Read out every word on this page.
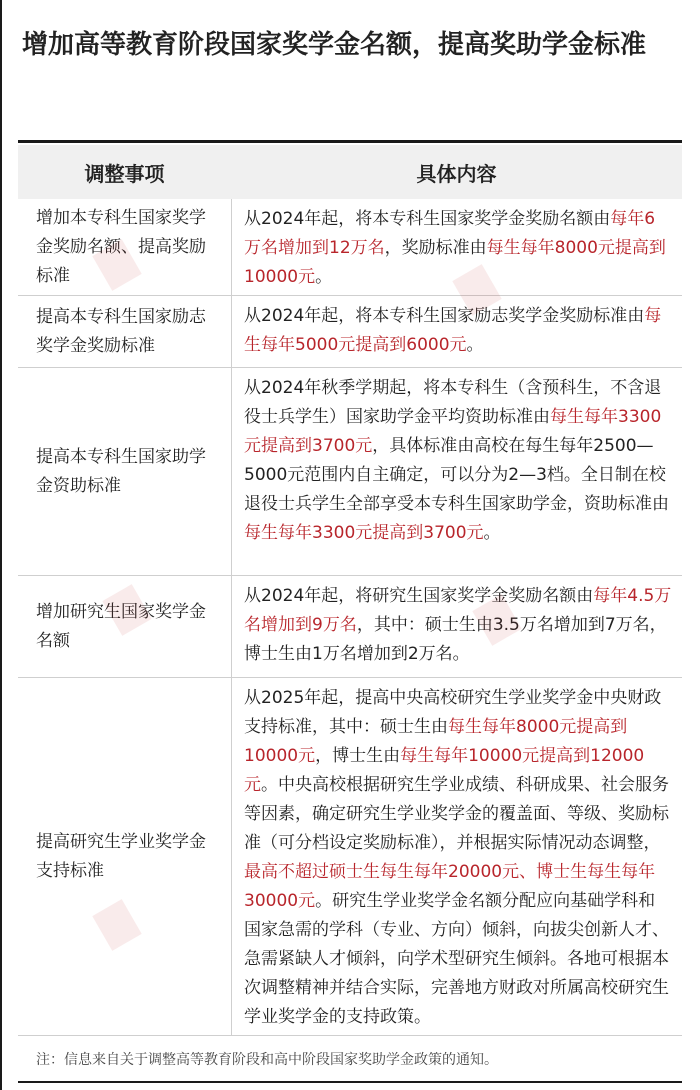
增加高等教育阶段国家奖学金名额，提高奖助学金标准
调整事项	具体内容
增加本专科生国家奖学金奖励名额、提高奖励标准
从2024年起，将本专科生国家奖学金奖励名额由每年6万名增加到12万名，奖励标准由每生每年8000元提高到10000元。
提高本专科生国家励志奖学金奖励标准
从2024年起，将本专科生国家励志奖学金奖励标准由每生每年5000元提高到6000元。
提高本专科生国家助学金资助标准
从2024年秋季学期起，将本专科生（含预科生，不含退役士兵学生）国家助学金平均资助标准由每生每年3300元提高到3700元，具体标准由高校在每生每年2500—5000元范围内自主确定，可以分为2—3档。全日制在校退役士兵学生全部享受本专科生国家助学金，资助标准由每生每年3300元提高到3700元。
增加研究生国家奖学金名额
从2024年起，将研究生国家奖学金奖励名额由每年4.5万名增加到9万名，其中：硕士生由3.5万名增加到7万名，博士生由1万名增加到2万名。
提高研究生学业奖学金支持标准
从2025年起，提高中央高校研究生学业奖学金中央财政支持标准，其中：硕士生由每生每年8000元提高到10000元，博士生由每生每年10000元提高到12000元。中央高校根据研究生学业成绩、科研成果、社会服务等因素，确定研究生学业奖学金的覆盖面、等级、奖励标准（可分档设定奖励标准），并根据实际情况动态调整，最高不超过硕士生每生每年20000元、博士生每生每年30000元。研究生学业奖学金名额分配应向基础学科和国家急需的学科（专业、方向）倾斜，向拔尖创新人才、急需紧缺人才倾斜，向学术型研究生倾斜。各地可根据本次调整精神并结合实际，完善地方财政对所属高校研究生学业奖学金的支持政策。
注：信息来自关于调整高等教育阶段和高中阶段国家奖助学金政策的通知。
